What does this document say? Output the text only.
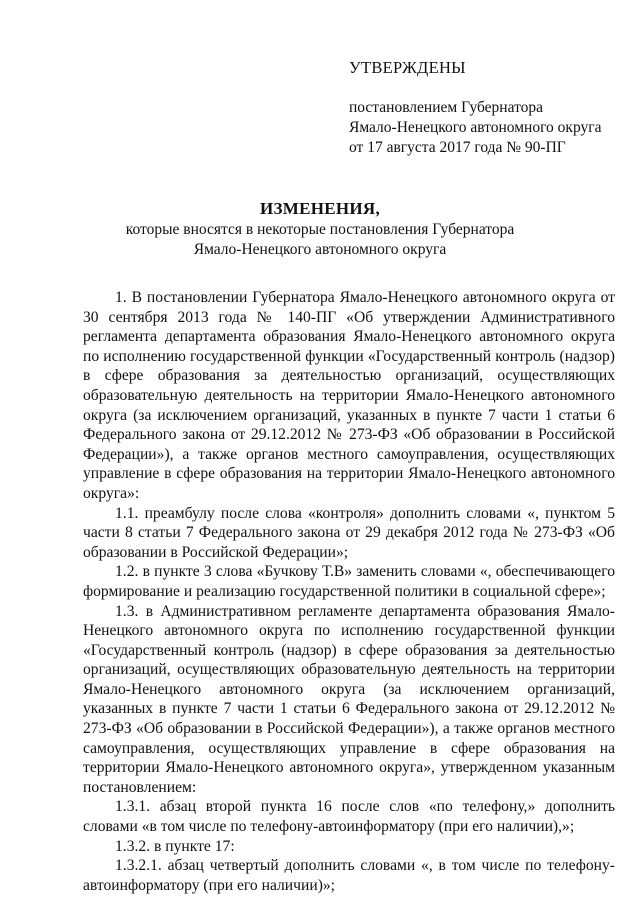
УТВЕРЖДЕНЫ
постановлением Губернатора
Ямало-Ненецкого автономного округа
от 17 августа 2017 года № 90-ПГ
ИЗМЕНЕНИЯ,
которые вносятся в некоторые постановления Губернатора
Ямало-Ненецкого автономного округа

1. В постановлении Губернатора Ямало-Ненецкого автономного округа от 30 сентября 2013 года № 140-ПГ «Об утверждении Административного регламента департамента образования Ямало-Ненецкого автономного округа по исполнению государственной функции «Государственный контроль (надзор) в сфере образования за деятельностью организаций, осуществляющих образовательную деятельность на территории Ямало-Ненецкого автономного округа (за исключением организаций, указанных в пункте 7 части 1 статьи 6 Федерального закона от 29.12.2012 № 273-ФЗ «Об образовании в Российской Федерации»), а также органов местного самоуправления, осуществляющих управление в сфере образования на территории Ямало-Ненецкого автономного округа»:

1.1. преамбулу после слова «контроля» дополнить словами «, пунктом 5 части 8 статьи 7 Федерального закона от 29 декабря 2012 года № 273-ФЗ «Об образовании в Российской Федерации»;

1.2. в пункте 3 слова «Бучкову Т.В» заменить словами «, обеспечивающего формирование и реализацию государственной политики в социальной сфере»;

1.3. в Административном регламенте департамента образования Ямало-Ненецкого автономного округа по исполнению государственной функции «Государственный контроль (надзор) в сфере образования за деятельностью организаций, осуществляющих образовательную деятельность на территории Ямало-Ненецкого автономного округа (за исключением организаций, указанных в пункте 7 части 1 статьи 6 Федерального закона от 29.12.2012 № 273-ФЗ «Об образовании в Российской Федерации»), а также органов местного самоуправления, осуществляющих управление в сфере образования на территории Ямало-Ненецкого автономного округа», утвержденном указанным постановлением:

1.3.1. абзац второй пункта 16 после слов «по телефону,» дополнить словами «в том числе по телефону-автоинформатору (при его наличии),»;

1.3.2. в пункте 17:

1.3.2.1. абзац четвертый дополнить словами «, в том числе по телефону-автоинформатору (при его наличии)»;
